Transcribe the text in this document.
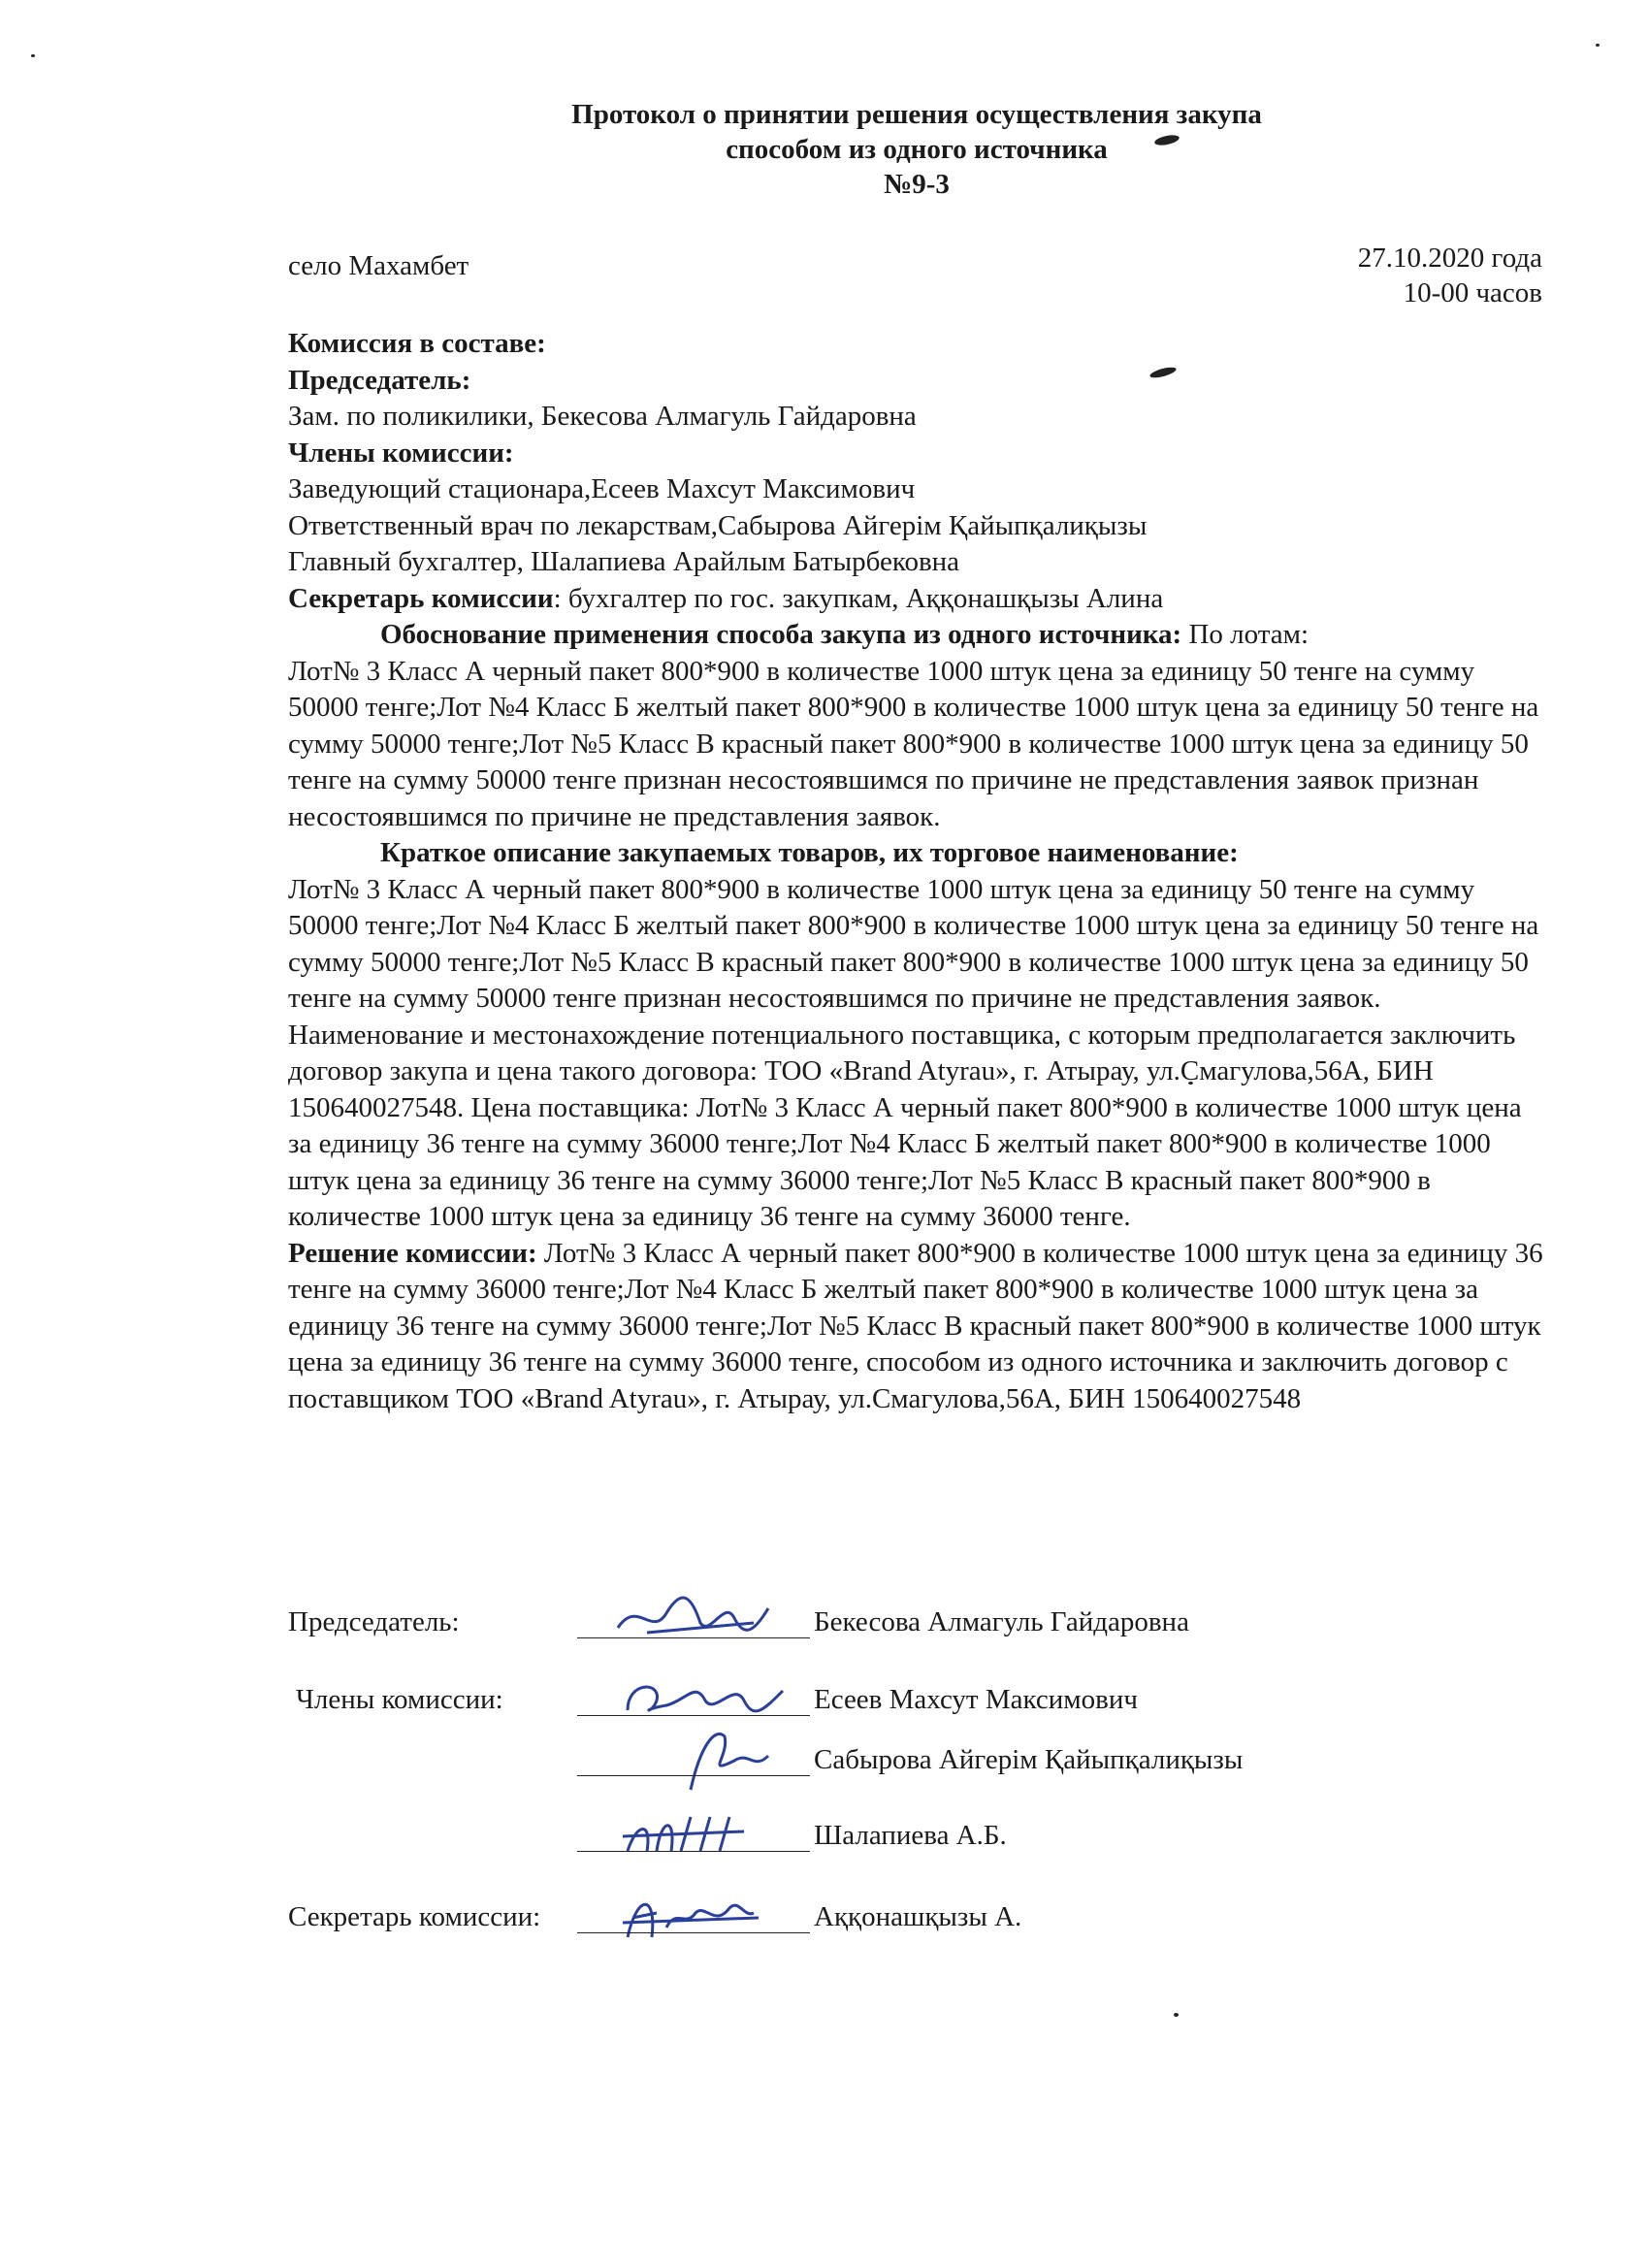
Протокол о принятии решения осуществления закупа
способом из одного источника
№9-3
село Махамбет	27.10.2020 года
10-00 часов

Комиссия в составе:

Председатель:

Зам. по поликилики, Бекесова Алмагуль Гайдаровна

Члены комиссии:

Заведующий стационара,Есеев Махсут Максимович

Ответственный врач по лекарствам,Сабырова Айгерім Қайыпқалиқызы

Главный бухгалтер, Шалапиева Арайлым Батырбековна

Секретарь комиссии: бухгалтер по гос. закупкам, Аққонашқызы Алина

Обоснование применения способа закупа из одного источника: По лотам:

Лот№ 3 Класс А черный пакет 800*900 в количестве 1000 штук цена за единицу 50 тенге на сумму 50000 тенге;Лот №4 Класс Б желтый пакет 800*900 в количестве 1000 штук цена за единицу 50 тенге на сумму 50000 тенге;Лот №5 Класс В красный пакет 800*900 в количестве 1000 штук цена за единицу 50 тенге на сумму 50000 тенге признан несостоявшимся по причине не представления заявок признан несостоявшимся по причине не представления заявок.

Краткое описание закупаемых товаров, их торговое наименование:

Лот№ 3 Класс А черный пакет 800*900 в количестве 1000 штук цена за единицу 50 тенге на сумму 50000 тенге;Лот №4 Класс Б желтый пакет 800*900 в количестве 1000 штук цена за единицу 50 тенге на сумму 50000 тенге;Лот №5 Класс В красный пакет 800*900 в количестве 1000 штук цена за единицу 50 тенге на сумму 50000 тенге признан несостоявшимся по причине не представления заявок.

Наименование и местонахождение потенциального поставщика, с которым предполагается заключить договор закупа и цена такого договора: ТОО «Brand Atyrau», г. Атырау, ул.Смагулова,56А, БИН 150640027548. Цена поставщика: Лот№ 3 Класс А черный пакет 800*900 в количестве 1000 штук цена за единицу 36 тенге на сумму 36000 тенге;Лот №4 Класс Б желтый пакет 800*900 в количестве 1000 штук цена за единицу 36 тенге на сумму 36000 тенге;Лот №5 Класс В красный пакет 800*900 в количестве 1000 штук цена за единицу 36 тенге на сумму 36000 тенге.

Решение комиссии: Лот№ 3 Класс А черный пакет 800*900 в количестве 1000 штук цена за единицу 36 тенге на сумму 36000 тенге;Лот №4 Класс Б желтый пакет 800*900 в количестве 1000 штук цена за единицу 36 тенге на сумму 36000 тенге;Лот №5 Класс В красный пакет 800*900 в количестве 1000 штук цена за единицу 36 тенге на сумму 36000 тенге, способом из одного источника и заключить договор с поставщиком ТОО «Brand Atyrau», г. Атырау, ул.Смагулова,56А, БИН 150640027548

Председатель:	Бекесова Алмагуль Гайдаровна
Члены комиссии:	Есеев Махсут Максимович
Сабырова Айгерім Қайыпқалиқызы
Шалапиева А.Б.
Секретарь комиссии:	Аққонашқызы А.
